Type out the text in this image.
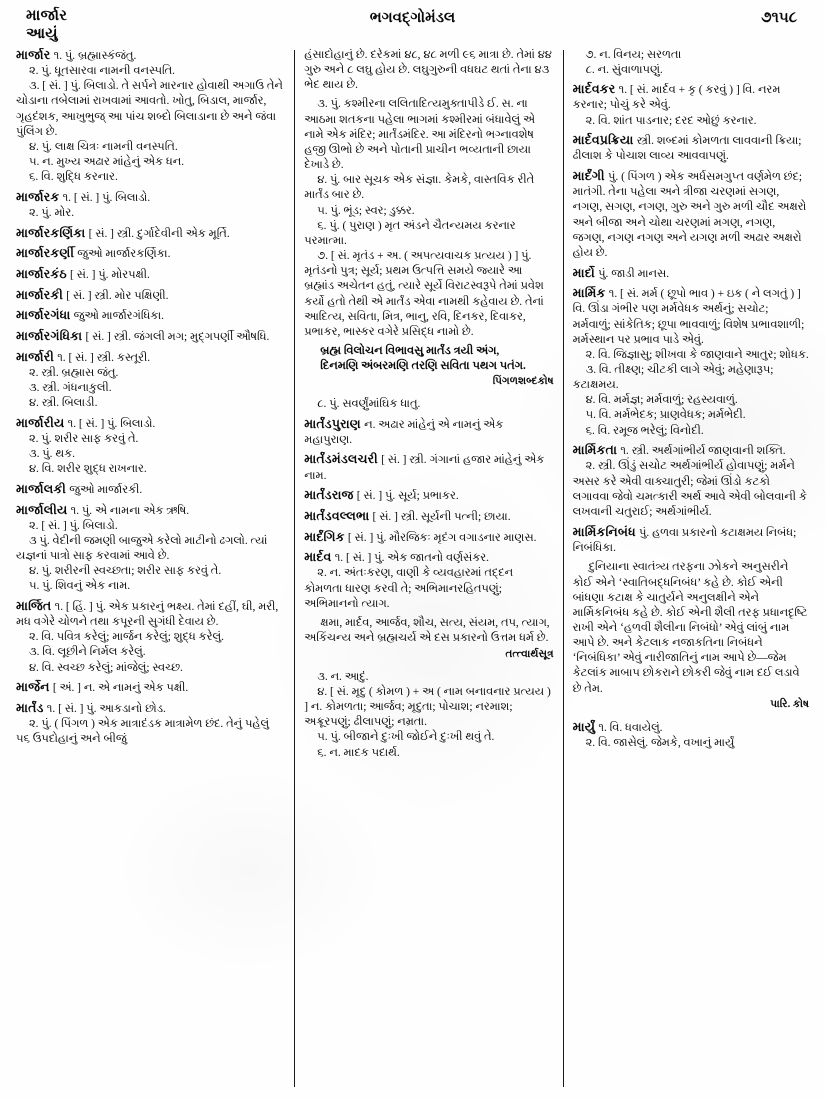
માર્જાર
આયું
ભગવદ્ગોમંડલ	૭૧૫૮

માર્જાર ૧. પું. બ્રહ્માસ્કંજંતુ.

૨. પું. ધૂતસારવા નામની વનસ્પતિ.

૩. [ સં. ] પું. બિલાડો. તે સર્પને મારનાર હોવાથી અગાઉ તેને ચોડાના તબેલામાં રાખવામાં આવતો. ખોતુ, બિડાલ, માર્જાર, ગૃહદંશક, આખુભુજ્ આ પાંચ શબ્દો બિલાડાના છે અને જંવા પુંલિંગ છે.

૪. પું. લાક્ષ ચિત્રઃ નામની વનસ્પતિ.

૫. ન. મુખ્ય અઢાર માંહેનું એક ધન.

૬. વિ. શુદ્ધિ કરનાર.

માર્જારક ૧. [ સં. ] પું. બિલાડો.

૨. પું. મોર.

માર્જારકર્ણિકા [ સં. ] સ્ત્રી. દુર્ગાદેવીની એક મૂર્તિ.

માર્જારકર્ણી જુઓ માર્જારકર્ણિકા.

માર્જારકંઠ [ સં. ] પું. મોરપક્ષી.

માર્જારકી [ સં. ] સ્ત્રી. મોર પક્ષિણી.

માર્જારગંધા જુઓ માર્જારગંધિકા.

માર્જારગંધિકા [ સં. ] સ્ત્રી. જંગલી મગ; મુદ્ગપર્ણી ઔષધિ.

માર્જારી ૧. [ સં. ] સ્ત્રી. કસ્તૂરી.

૨. સ્ત્રી. બ્રહ્માસ જંતુ.

૩. સ્ત્રી. ગંધનાકુલી.

૪. સ્ત્રી. બિલાડી.

માર્જારીય ૧. [ સં. ] પું. બિલાડો.

૨. પું. શરીર સાફ કરવું તે.

૩. પું. થક.

૪. વિ. શરીર શુદ્ધ રાખનાર.

માર્જાલકી જુઓ માર્જારકી.

માર્જાલીય ૧. પું. એ નામના એક ઋષિ.

૨. [ સં. ] પું. બિલાડો.

૩ પું. વેદીની જમણી બાજુએ કરેલો માટીનો ઢગલો. ત્યાં યજ્ઞનાં પાત્રો સાફ કરવામાં આવે છે.

૪. પું. શરીરની સ્વચ્છતા; શરીર સાફ કરવું તે.

૫. પું. શિવનું એક નામ.

માર્જિત ૧. [ હિં. ] પું. એક પ્રકારનું ભક્ષ્ય. તેમાં દહીં, ઘી, મરી, મધ વગેરે ચોળને તથા કપૂરની સુગંધી દેવાય છે.

૨. વિ. પવિત્ર કરેલું; માર્જન કરેલું; શુદ્ધ કરેલું.

૩. વિ. લૂછીને નિર્મલ કરેલું.

૪. વિ. સ્વચ્છ કરેલું; માંજેલું; સ્વચ્છ.

માર્જેન [ અં. ] ન. એ નામનું એક પક્ષી.

માર્તંડ ૧. [ સં. ] પું. આકડાનો છોડ.

૨. પું. ( પિંગળ ) એક માત્રાદંડક માત્રામેળ છંદ. તેનું પહેલું ૫૬ ઉપદોહાનું અને બીજું

હંસાદોહાનું છે. દરેકમાં ૪૮, ૪૮ મળી ૯૬ માત્રા છે. તેમાં ૪૪ ગુરુ અને ૮ લઘુ હોય છે. લઘુગુરુની વધઘટ થતાં તેના ૪૩ ભેદ થાય છે.

૩. પું. કશ્મીરના લલિતાદિત્યમુક્તાપીડે ઈ. સ. ના આઠમા શતકના પહેલા ભાગમાં કશ્મીરમાં બંધાવેલું એ નામે એક મંદિર; માર્તંડમંદિર. આ મંદિરનો ભગ્નાવશેષ હજી ઊભો છે અને પોતાની પ્રાચીન ભવ્યતાની છાયા દેખાડે છે.

૪. પું. બાર સૂચક એક સંજ્ઞા. કેમકે, વાસ્તવિક રીતે માર્તંડ બાર છે.

૫. પું. ભૂંડ; સ્વર; ડુક્કર.

૬. પું. ( પુરાણ ) મૃત અંડને ચૈતન્યમય કરનાર પરમાત્મા.

૭. [ સં. મૃતંડ + અ. ( અપત્યવાચક પ્રત્યય ) ] પું. મૃતંડનો પુત્ર; સૂર્ય; પ્રથમ ઉત્પત્તિ સમયે જ્યારે આ બ્રહ્માંડ અચેતન હતું, ત્યારે સૂર્યે વિરાટસ્વરૂપે તેમાં પ્રવેશ કર્યો હતો તેથી એ માર્તંડ એવા નામથી કહેવાય છે. તેનાં આદિત્ય, સવિતા, મિત્ર, ભાનુ, રવિ, દિનકર, દિવાકર, પ્રભાકર, ભાસ્કર વગેરે પ્રસિદ્ધ નામો છે.

બ્રહ્મ વિલોચન વિભાવસુ માર્તંડ ત્રયી અંગ,

દિનમણિ અંબરમણિ તરણિ સવિતા પથગ પતંગ.

પિંગળશબ્દકોષ

૮. પું. સવર્ણુંમાંઘિક ધાતુ.

માર્તંડપુરાણ ન. અઢાર માંહેનું એ નામનું એક મહાપુરાણ.

માર્તંડમંડલચરી [ સં. ] સ્ત્રી. ગંગાનાં હજાર માંહેનું એક નામ.

માર્તંડરાજ [ સં. ] પું. સૂર્ય; પ્રભાકર.

માર્તંડવલ્લભા [ સં. ] સ્ત્રી. સૂર્યની પત્ની; છાયા.

માર્દંગિક [ સં. ] પું. મૌરજિકઃ મૃદંગ વગાડનાર માણસ.

માર્દવ ૧. [ સં. ] પું. એક જાતનો વર્ણસંકર.

૨. ન. અંતઃકરણ, વાણી કે વ્યવહારમાં તદ્દન કોમળતા ધારણ કરવી તે; અભિમાનરહિતપણું; અભિમાનનો ત્યાગ.

ક્ષમા, માર્દવ, આર્જવ, શૌચ, સત્ય, સંયમ, તપ, ત્યાગ, અકિંચન્ય અને બ્રહ્મચર્ય એ દસ પ્રકારનો ઉત્તમ ધર્મ છે.

તત્ત્વાર્થસૂત્ર

૩. ન. આદું.

૪. [ સં. મૃદુ ( કોમળ ) + અ ( નામ બનાવનાર પ્રત્યય ) ] ન. કોમળતા; આર્જવ; મૃદુતા; પોચાશ; નરમાશ; અક્રૂરપણું; ઢીલાપણું; નમ્રતા.

૫. પું. બીજાને દુઃખી જોઈને દુઃખી થવું તે.

૬. ન. માદક પદાર્થ.

૭. ન. વિનય; સરળતા

૮. ન. સુંવાળાપણું.

માર્દવકર ૧. [ સં. માર્દવ + કૃ ( કરવું ) ] વિ. નરમ કરનાર; પોચું કરે એવું.

૨. વિ. શાંત પાડનાર; દરદ ઓછું કરનાર.

માર્દવપ્રક્રિયા સ્ત્રી. શબ્દમાં કોમળતા લાવવાની ક્રિયા; ઢીલાશ કે પોચાશ લાવ્ય આવવાપણું.

માર્દંગી પું. ( પિંગળ ) એક અર્ધસમગુપ્ત વર્ણમેળ છંદ; માતંગી. તેના પહેલા અને ત્રીજા ચરણમાં સગણ, નગણ, સગણ, નગણ, ગુરુ અને ગુરુ મળી ચૌદ અક્ષરો અને બીજા અને ચોથા ચરણમાં મગણ, નગણ, જગણ, નગણ નગણ અને યગણ મળી અઢાર અક્ષરો હોય છે.

માર્દો પું. જાડી માનસ.

માર્મિક ૧. [ સં. મર્મ ( છૂપો ભાવ ) + ઇક ( ને લગતું ) ] વિ. ઊંડા ગંભીર પણ મર્મવેધક અર્થનું; સચોટ; મર્મવાળું; સાંકેતિક; છૂપા ભાવવાળું; વિશેષ પ્રભાવશાળી; મર્મસ્થાન પર પ્રભાવ પાડે એવું.

૨. વિ. જિજ્ઞાસુ; શીખવા કે જાણવાને આતુર; શોધક.

૩. વિ. તીક્ષ્ણ; ચીટકી લાગે એવું; મહેણારૂપ; કટાક્ષમય.

૪. વિ. મર્મજ્ઞ; મર્મવાળું; રહસ્યવાળું.

૫. વિ. મર્મભેદક; પ્રાણવેધક; મર્મભેદી.

૬. વિ. રમૂજ ભરેલું; વિનોદી.

માર્મિકતા ૧. સ્ત્રી. અર્થગાંભીર્ય જાણવાની શક્તિ.

૨. સ્ત્રી. ઊંડું સચોટ અર્થગાંભીર્ય હોવાપણું; મર્મને અસર કરે એવી વાક્ચાતુરી; જેમાં ઊંડો કટકો લગાવવા જેવો ચમત્કારી અર્થ આવે એવી બોલવાની કે લખવાની ચતુરાઈ; અર્થગાંભીર્ય.

માર્મિકનિબંધ પું. હળવા પ્રકારનો કટાક્ષમય નિબંધ; નિબંધિકા.

દુનિયાના સ્વાતંત્ર્ય તરફના ઝોકને અનુસરીને કોઈ એને ‘સ્વાતિબદ્ધનિબંધ’ કહે છે. કોઈ એની બાંધણા કટાક્ષ કે ચાતુર્યને અનુલક્ષીને એને માર્મિકનિબંધ કહે છે. કોઈ એની શૈલી તરફ પ્રધાનદૃષ્ટિ રાખી એને ‘હળવી શૈલીના નિબંધો’ એવું લાંબું નામ આપે છે. અને કેટલાક નજાકતિના નિબંધને ‘નિબંધિકા’ એવું નારીજાતિનું નામ આપે છે—જેમ કેટલાંક માબાપ છોકરાને છોકરી જેવું નામ દઈ લડાવે છે તેમ.

પારિ. કોષ

માર્યું ૧. વિ. ધવાયેલું.

૨. વિ. જાસેલું. જેમકે, વખાનું માર્યું
